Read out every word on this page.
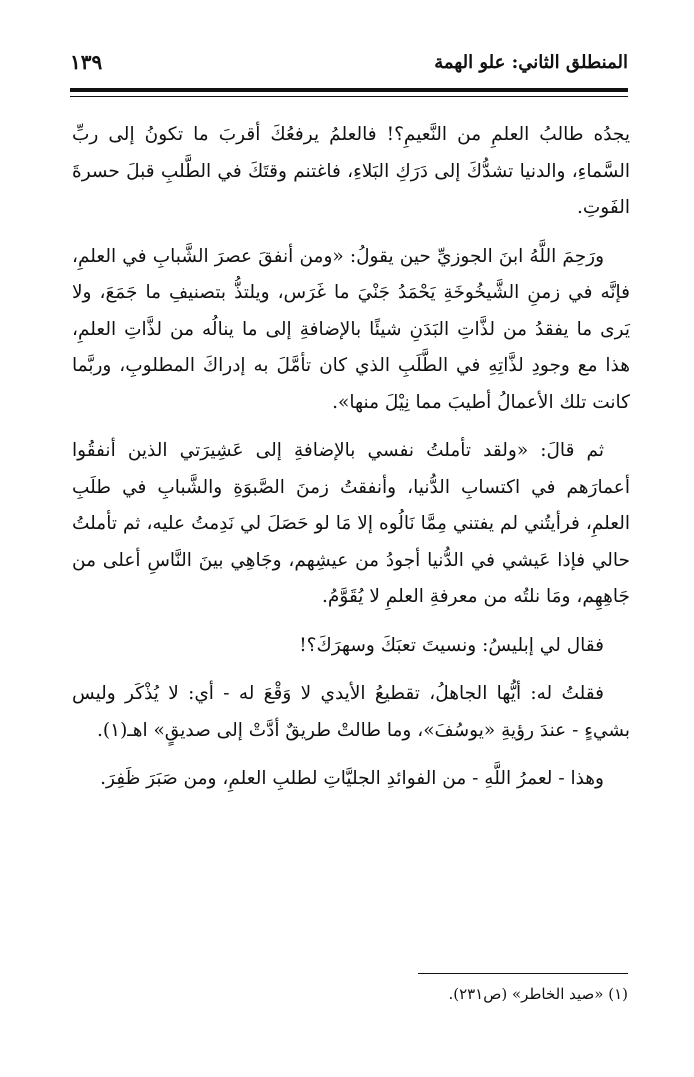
المنطلق الثاني: علو الهمة
١٣٩

يجدُه طالبُ العلمِ من النَّعيمِ؟! فالعلمُ يرفعُكَ أقربَ ما تكونُ إلى ربِّ السَّماءِ، والدنيا تشدُّكَ إلى دَرَكِ البَلاءِ، فاغتنم وقتَكَ في الطَّلبِ قبلَ حسرةَ الفَوتِ.

ورَحِمَ اللَّهُ ابنَ الجوزيِّ حين يقولُ: «ومن أنفقَ عصرَ الشَّبابِ في العلمِ، فإنَّه في زمنِ الشَّيخُوخَةِ يَحْمَدُ جَنْيَ ما غَرَس، ويلتذُّ بتصنيفِ ما جَمَعَ، ولا يَرى ما يفقدُ من لذَّاتِ البَدَنِ شيئًا بالإضافةِ إلى ما ينالُه من لذَّاتِ العلمِ، هذا مع وجودِ لذَّاتِهِ في الطَّلَبِ الذي كان تأمَّلَ به إدراكَ المطلوبِ، وربَّما كانت تلك الأعمالُ أطيبَ مما نِيْلَ منها».

ثم قالَ: «ولقد تأملتُ نفسي بالإضافةِ إلى عَشِيرَتي الذين أنفقُوا أعمارَهم في اكتسابِ الدُّنيا، وأنفقتُ زمنَ الصَّبوَةِ والشَّبابِ في طلَبِ العلمِ، فرأيتُني لم يفتني مِمَّا نَالُوه إلا مَا لو حَصَلَ لي نَدِمتُ عليه، ثم تأملتُ حالي فإذا عَيشي في الدُّنيا أجودُ من عيشِهم، وجَاهِي بينَ النَّاسِ أعلى من جَاهِهِم، ومَا نلتُه من معرفةِ العلمِ لا يُقَوَّمُ.

فقال لي إبليسُ: ونسيتَ تعبَكَ وسهرَكَ؟!

فقلتُ له: أيُّها الجاهلُ، تقطيعُ الأيدي لا وَقْعَ له - أي: لا يُذْكَر وليس بشيءٍ - عندَ رؤيةِ «يوسُفَ»، وما طالتْ طريقٌ أدَّتْ إلى صديقٍ» اهـ(١).

وهذا - لعمرُ اللَّهِ - من الفوائدِ الجليَّاتِ لطلبِ العلمِ، ومن صَبَرَ ظَفِرَ.

(١) «صيد الخاطر» (ص٢٣١).
